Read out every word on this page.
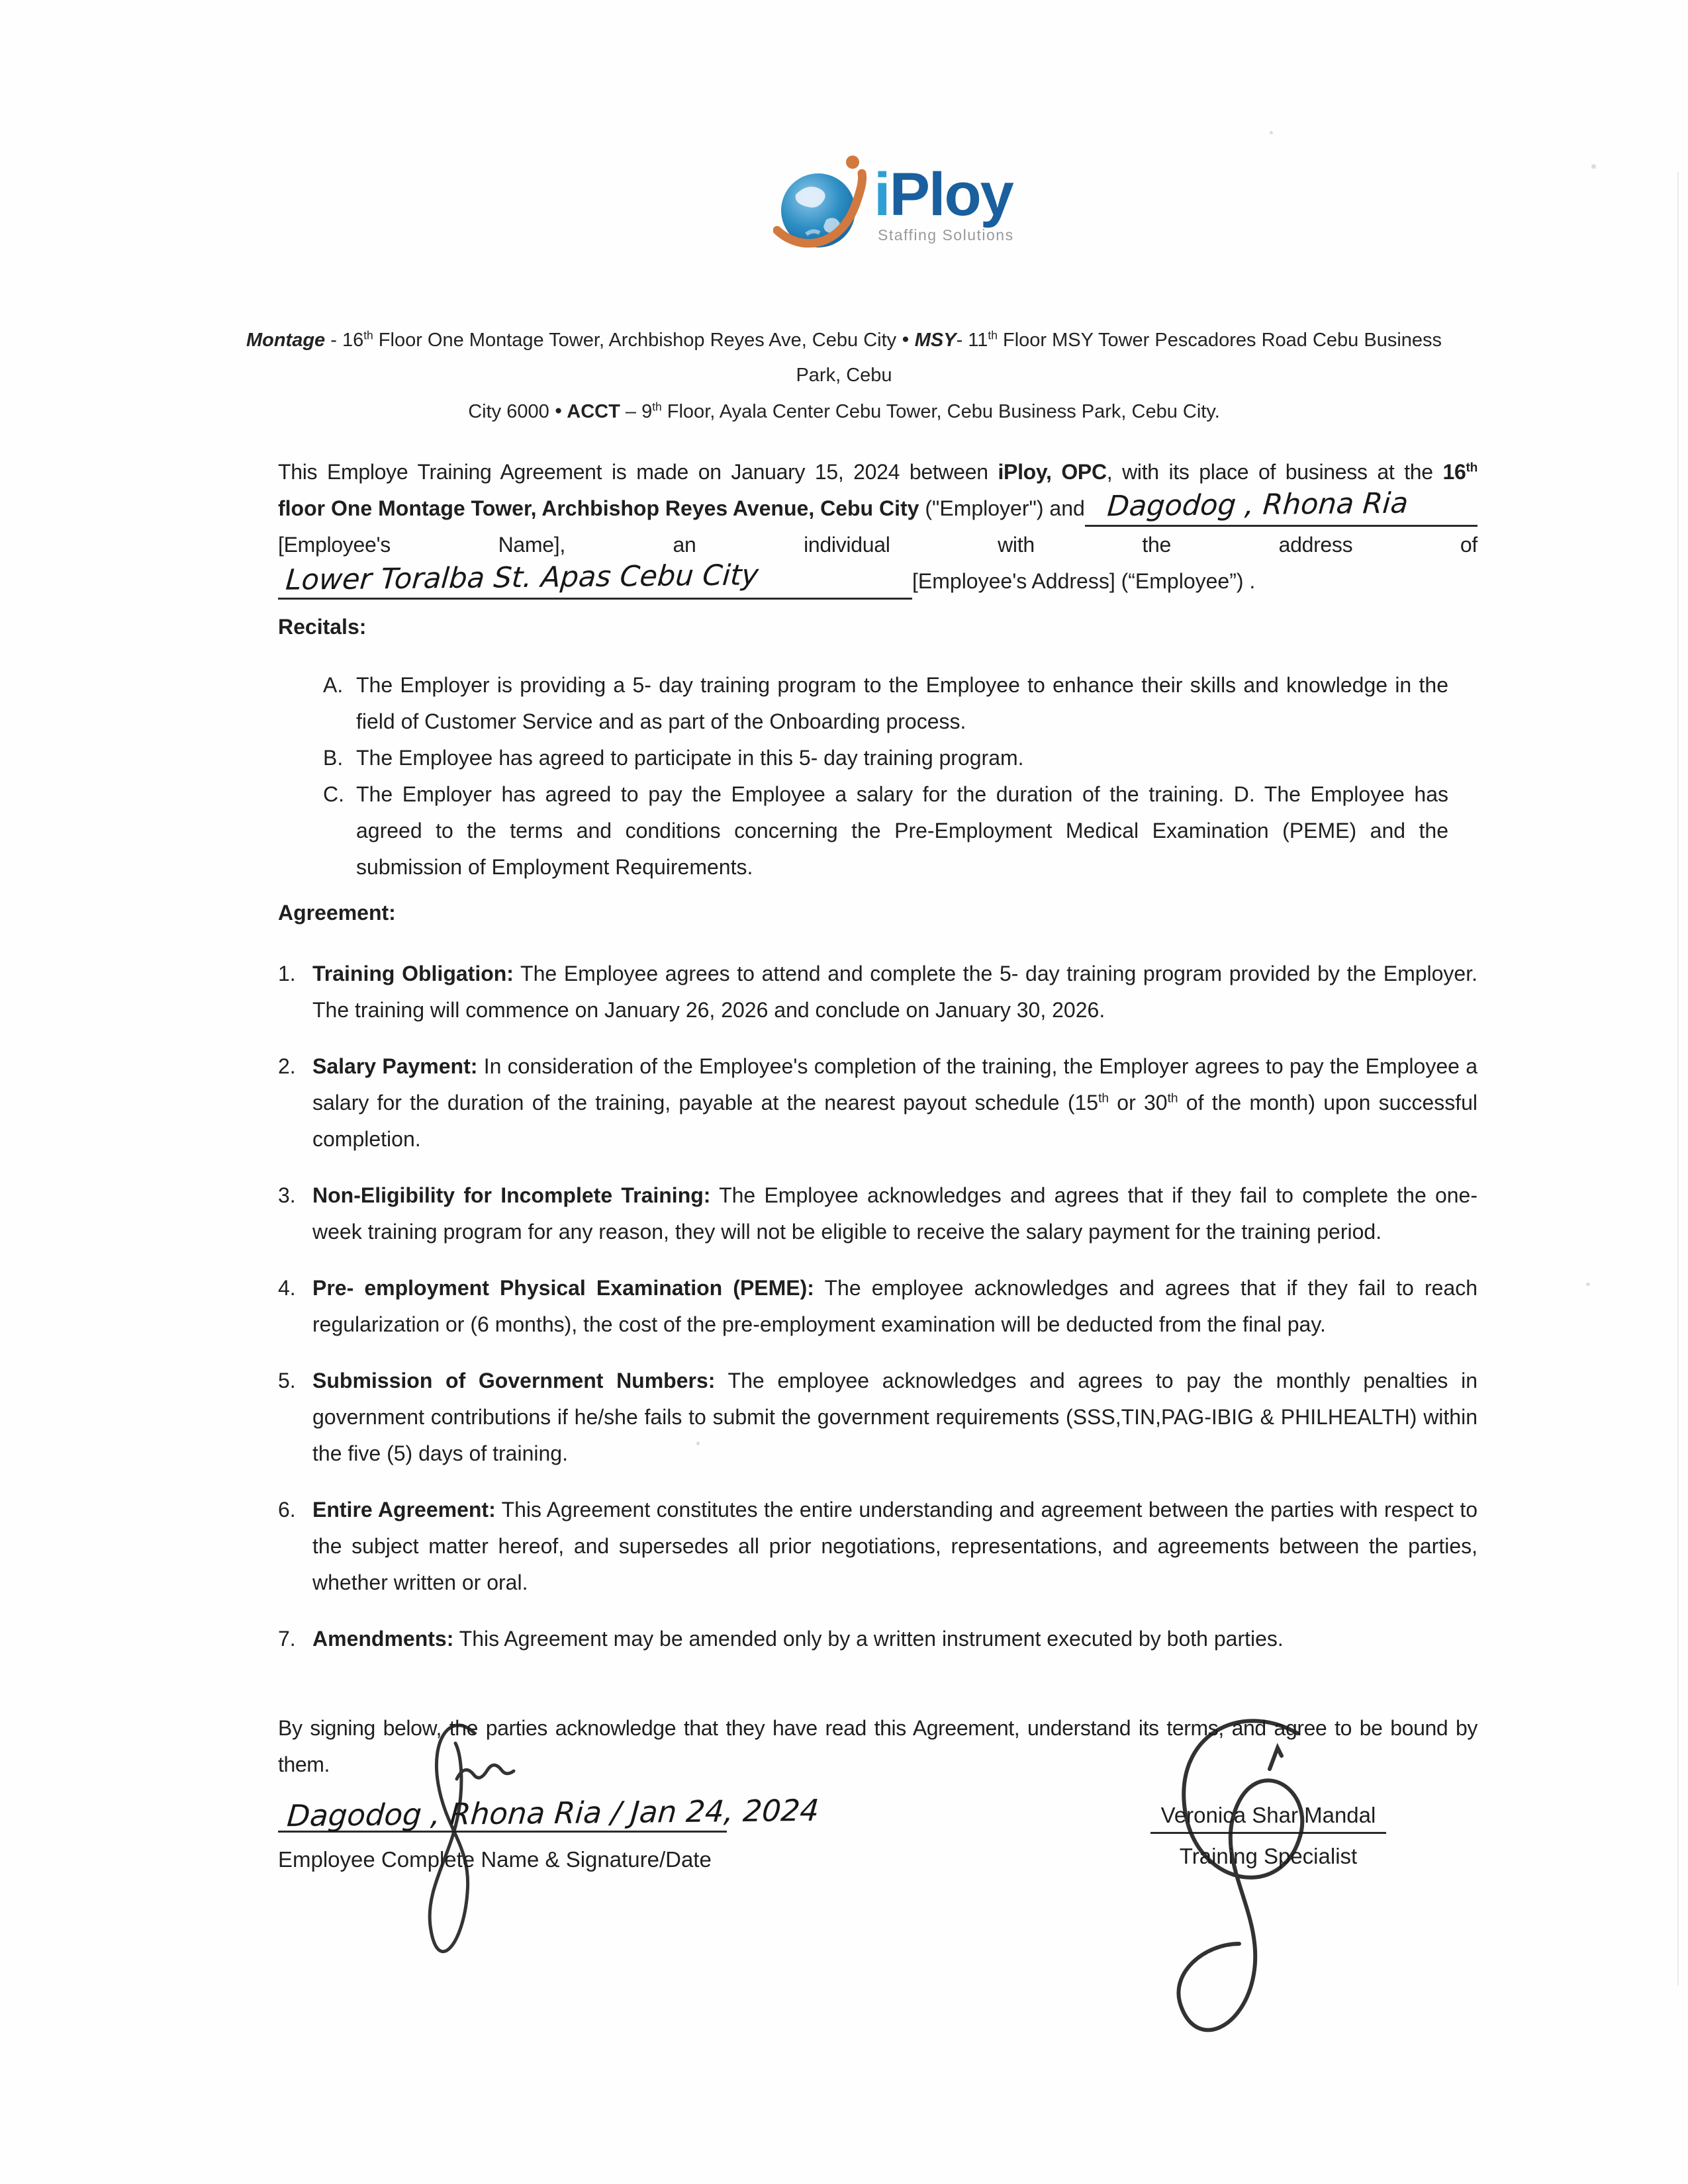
iPloy
Staffing Solutions
Montage - 16th Floor One Montage Tower, Archbishop Reyes Ave, Cebu City ● MSY- 11th Floor MSY Tower Pescadores Road Cebu Business Park, Cebu
City 6000 ● ACCT – 9th Floor, Ayala Center Cebu Tower, Cebu Business Park, Cebu City.
This Employe Training Agreement is made on January 15, 2024 between iPloy, OPC, with its place of business at the 16th
floor One Montage Tower, Archbishop Reyes Avenue, Cebu City ("Employer") and Dagodog , Rhona Ria
[Employee's Name], an individual with the address of
Lower Toralba St. Apas Cebu City	[Employee's Address] (“Employee”) .
Recitals:
A. The Employer is providing a 5- day training program to the Employee to enhance their skills and knowledge in the field of Customer Service and as part of the Onboarding process.
B. The Employee has agreed to participate in this 5- day training program.
C. The Employer has agreed to pay the Employee a salary for the duration of the training. D. The Employee has agreed to the terms and conditions concerning the Pre-Employment Medical Examination (PEME) and the submission of Employment Requirements.
Agreement:
1. Training Obligation: The Employee agrees to attend and complete the 5- day training program provided by the Employer. The training will commence on January 26, 2026 and conclude on January 30, 2026.
2. Salary Payment: In consideration of the Employee's completion of the training, the Employer agrees to pay the Employee a salary for the duration of the training, payable at the nearest payout schedule (15th or 30th of the month) upon successful completion.
3. Non-Eligibility for Incomplete Training: The Employee acknowledges and agrees that if they fail to complete the one-week training program for any reason, they will not be eligible to receive the salary payment for the training period.
4. Pre- employment Physical Examination (PEME): The employee acknowledges and agrees that if they fail to reach regularization or (6 months), the cost of the pre-employment examination will be deducted from the final pay.
5. Submission of Government Numbers: The employee acknowledges and agrees to pay the monthly penalties in government contributions if he/she fails to submit the government requirements (SSS,TIN,PAG-IBIG & PHILHEALTH) within the five (5) days of training.
6. Entire Agreement: This Agreement constitutes the entire understanding and agreement between the parties with respect to the subject matter hereof, and supersedes all prior negotiations, representations, and agreements between the parties, whether written or oral.
7. Amendments: This Agreement may be amended only by a written instrument executed by both parties.
By signing below, the parties acknowledge that they have read this Agreement, understand its terms, and agree to be bound by them.
Dagodog , Rhona Ria / Jan 24, 2024
Employee Complete Name & Signature/Date
Veronica Shar Mandal
Training Specialist
